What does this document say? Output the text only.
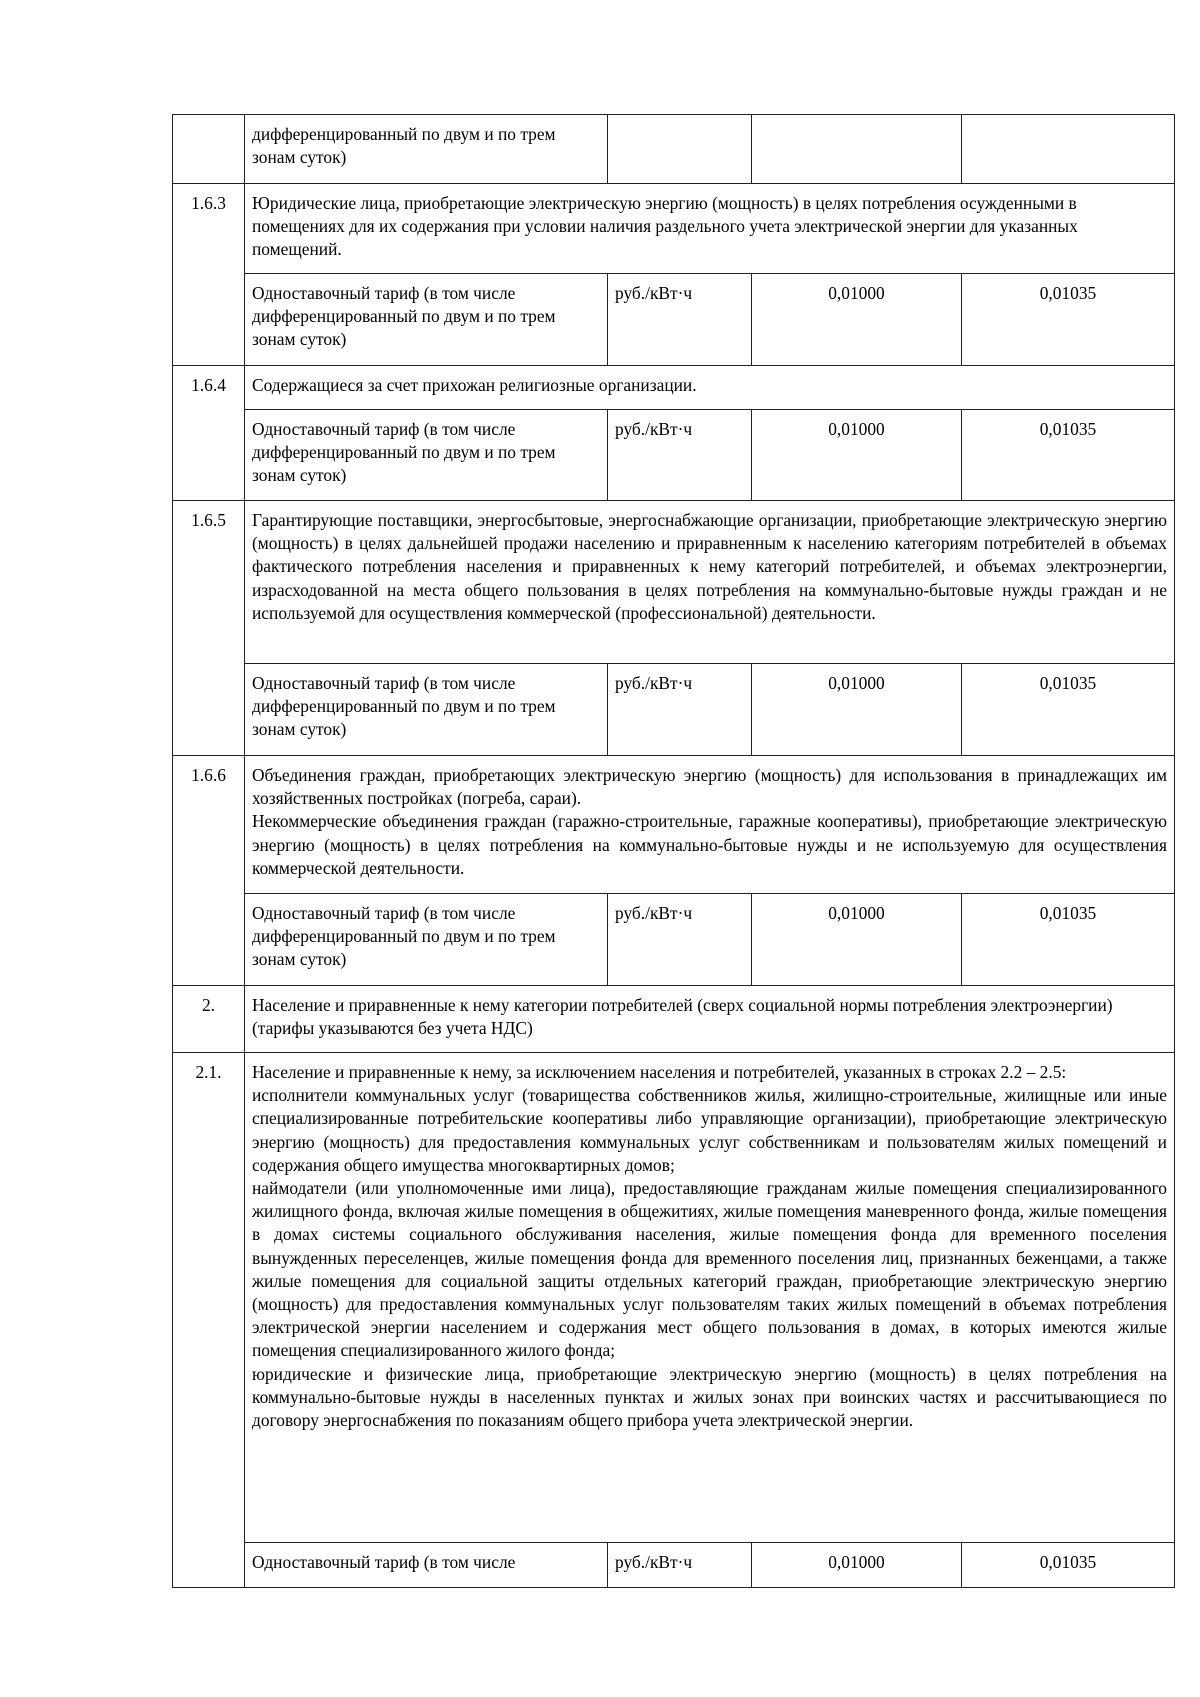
	дифференцированный по двум и по трем зонам суток)			
1.6.3	Юридические лица, приобретающие электрическую энергию (мощность) в целях потребления осужденными в помещениях для их содержания при условии наличия раздельного учета электрической энергии для указанных помещений.			
	Одноставочный тариф (в том числе дифференцированный по двум и по трем зонам суток)	руб./кВт·ч	0,01000	0,01035
1.6.4	Содержащиеся за счет прихожан религиозные организации.			
	Одноставочный тариф (в том числе дифференцированный по двум и по трем зонам суток)	руб./кВт·ч	0,01000	0,01035
1.6.5	Гарантирующие поставщики, энергосбытовые, энергоснабжающие организации, приобретающие электрическую энергию (мощность) в целях дальнейшей продажи населению и приравненным к населению категориям потребителей в объемах фактического потребления населения и приравненных к нему категорий потребителей, и объемах электроэнергии, израсходованной на места общего пользования в целях потребления на коммунально-бытовые нужды граждан и не используемой для осуществления коммерческой (профессиональной) деятельности.			
	Одноставочный тариф (в том числе дифференцированный по двум и по трем зонам суток)	руб./кВт·ч	0,01000	0,01035
1.6.6	Объединения граждан, приобретающих электрическую энергию (мощность) для использования в принадлежащих им хозяйственных постройках (погреба, сараи).

Некоммерческие объединения граждан (гаражно-строительные, гаражные кооперативы), приобретающие электрическую энергию (мощность) в целях потребления на коммунально-бытовые нужды и не используемую для осуществления коммерческой деятельности.			

	Одноставочный тариф (в том числе дифференцированный по двум и по трем зонам суток)	руб./кВт·ч	0,01000	0,01035
2.	Население и приравненные к нему категории потребителей (сверх социальной нормы потребления электроэнергии) (тарифы указываются без учета НДС)			
2.1.	Население и приравненные к нему, за исключением населения и потребителей, указанных в строках 2.2 – 2.5:

исполнители коммунальных услуг (товарищества собственников жилья, жилищно-строительные, жилищные или иные специализированные потребительские кооперативы либо управляющие организации), приобретающие электрическую энергию (мощность) для предоставления коммунальных услуг собственникам и пользователям жилых помещений и содержания общего имущества многоквартирных домов;

наймодатели (или уполномоченные ими лица), предоставляющие гражданам жилые помещения специализированного жилищного фонда, включая жилые помещения в общежитиях, жилые помещения маневренного фонда, жилые помещения в домах системы социального обслуживания населения, жилые помещения фонда для временного поселения вынужденных переселенцев, жилые помещения фонда для временного поселения лиц, признанных беженцами, а также жилые помещения для социальной защиты отдельных категорий граждан, приобретающие электрическую энергию (мощность) для предоставления коммунальных услуг пользователям таких жилых помещений в объемах потребления электрической энергии населением и содержания мест общего пользования в домах, в которых имеются жилые помещения специализированного жилого фонда;

юридические и физические лица, приобретающие электрическую энергию (мощность) в целях потребления на коммунально-бытовые нужды в населенных пунктах и жилых зонах при воинских частях и рассчитывающиеся по договору энергоснабжения по показаниям общего прибора учета электрической энергии.			

	Одноставочный тариф (в том числе	руб./кВт·ч	0,01000	0,01035
